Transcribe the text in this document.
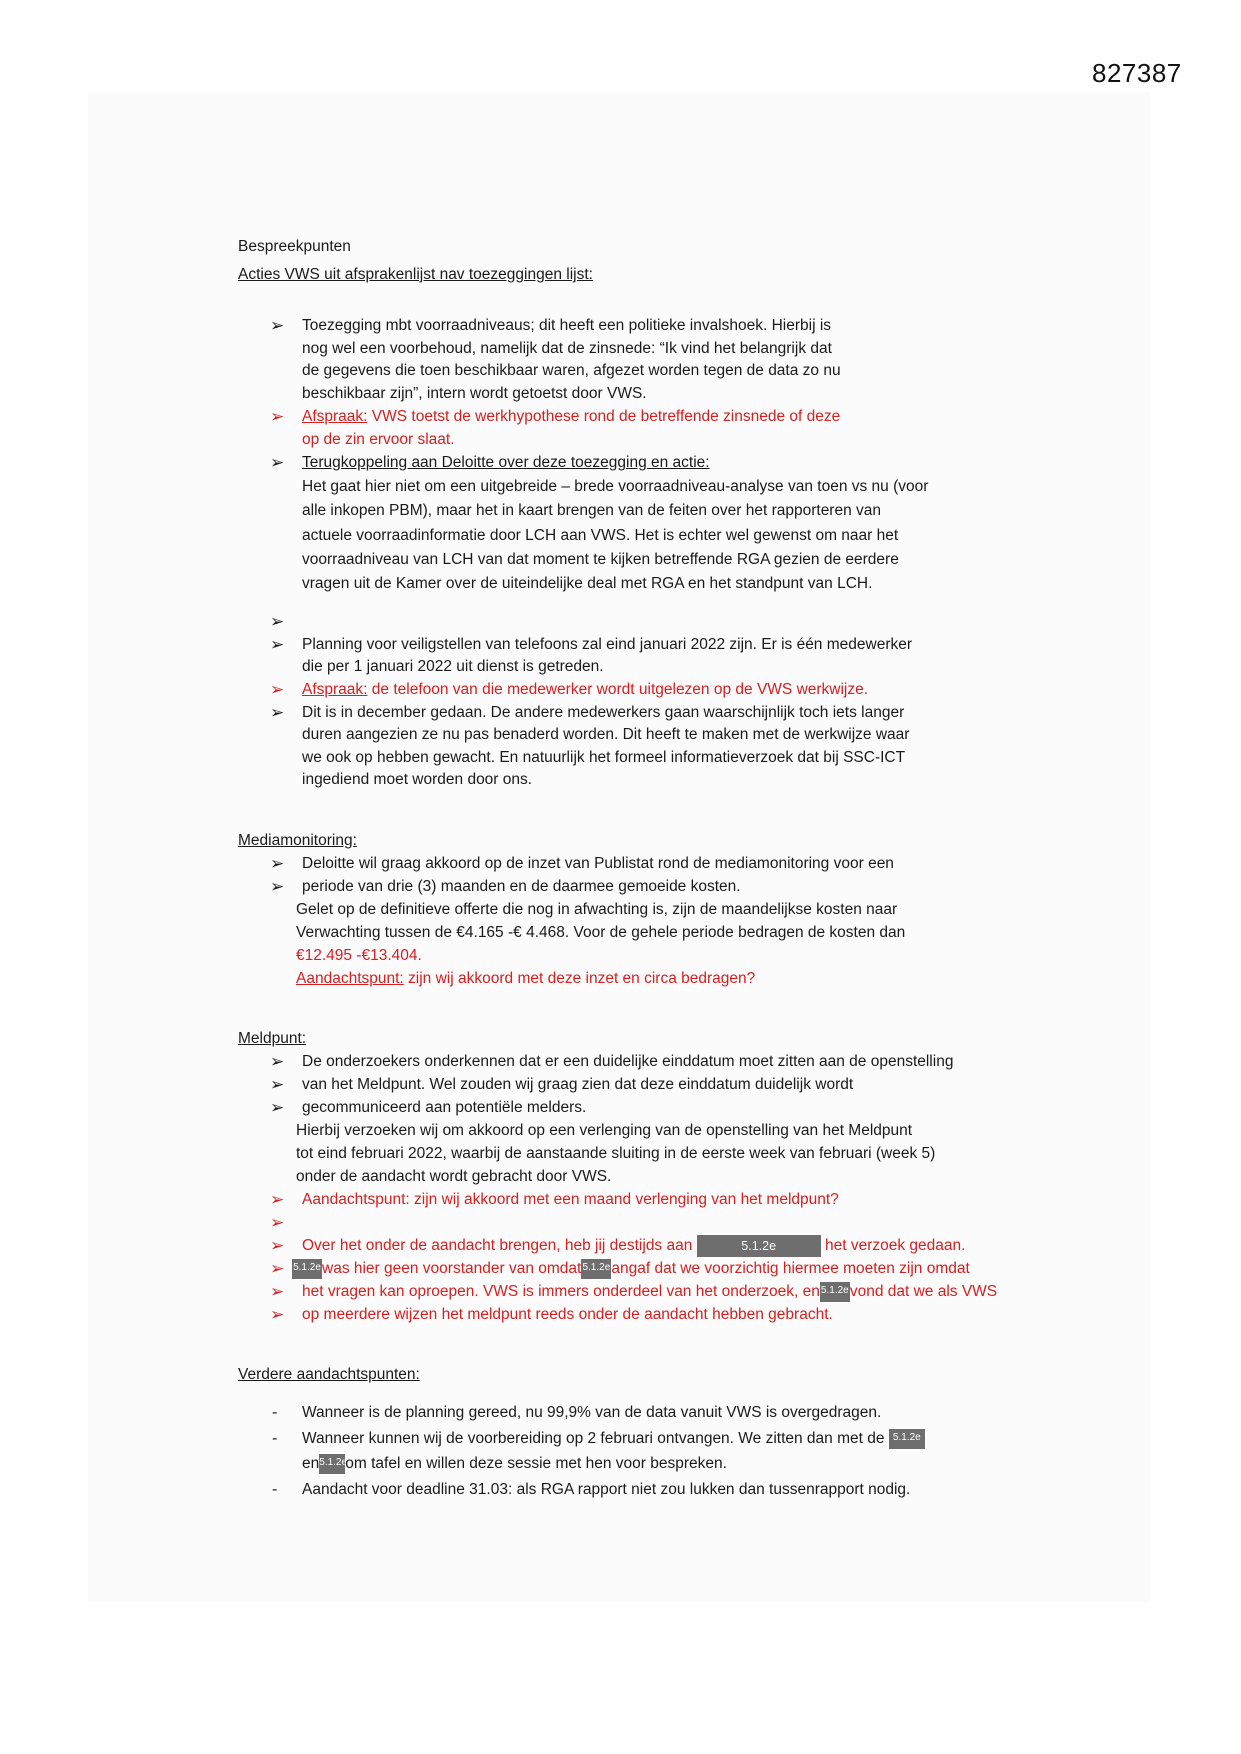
827387
Bespreekpunten
Acties VWS uit afsprakenlijst nav toezeggingen lijst:
➢ Toezegging mbt voorraadniveaus; dit heeft een politieke invalshoek. Hierbij is
nog wel een voorbehoud, namelijk dat de zinsnede: “Ik vind het belangrijk dat
de gegevens die toen beschikbaar waren, afgezet worden tegen de data zo nu
beschikbaar zijn”, intern wordt getoetst door VWS.
➢ Afspraak: VWS toetst de werkhypothese rond de betreffende zinsnede of deze
op de zin ervoor slaat.
➢ Terugkoppeling aan Deloitte over deze toezegging en actie:
Het gaat hier niet om een uitgebreide – brede voorraadniveau-analyse van toen vs nu (voor
alle inkopen PBM), maar het in kaart brengen van de feiten over het rapporteren van
actuele voorraadinformatie door LCH aan VWS. Het is echter wel gewenst om naar het
voorraadniveau van LCH van dat moment te kijken betreffende RGA gezien de eerdere
vragen uit de Kamer over de uiteindelijke deal met RGA en het standpunt van LCH.
➢
➢ Planning voor veiligstellen van telefoons zal eind januari 2022 zijn. Er is één medewerker
die per 1 januari 2022 uit dienst is getreden.
➢ Afspraak: de telefoon van die medewerker wordt uitgelezen op de VWS werkwijze.
➢ Dit is in december gedaan. De andere medewerkers gaan waarschijnlijk toch iets langer
duren aangezien ze nu pas benaderd worden. Dit heeft te maken met de werkwijze waar
we ook op hebben gewacht. En natuurlijk het formeel informatieverzoek dat bij SSC-ICT
ingediend moet worden door ons.
Mediamonitoring:
➢ Deloitte wil graag akkoord op de inzet van Publistat rond de mediamonitoring voor een
➢ periode van drie (3) maanden en de daarmee gemoeide kosten.
Gelet op de definitieve offerte die nog in afwachting is, zijn de maandelijkse kosten naar
Verwachting tussen de €4.165 -€ 4.468. Voor de gehele periode bedragen de kosten dan
€12.495 -€13.404.
Aandachtspunt: zijn wij akkoord met deze inzet en circa bedragen?
Meldpunt:
➢ De onderzoekers onderkennen dat er een duidelijke einddatum moet zitten aan de openstelling
➢ van het Meldpunt. Wel zouden wij graag zien dat deze einddatum duidelijk wordt
➢ gecommuniceerd aan potentiële melders.
Hierbij verzoeken wij om akkoord op een verlenging van de openstelling van het Meldpunt
tot eind februari 2022, waarbij de aanstaande sluiting in de eerste week van februari (week 5)
onder de aandacht wordt gebracht door VWS.
➢ Aandachtspunt: zijn wij akkoord met een maand verlenging van het meldpunt?
➢
➢ Over het onder de aandacht brengen, heb jij destijds aan	5.1.2e	het verzoek gedaan.
➢ 5.1.2ewas hier geen voorstander van omdat5.1.2eangaf dat we voorzichtig hiermee moeten zijn omdat
➢ het vragen kan oproepen. VWS is immers onderdeel van het onderzoek, en5.1.2evond dat we als VWS
➢ op meerdere wijzen het meldpunt reeds onder de aandacht hebben gebracht.
Verdere aandachtspunten:
- Wanneer is de planning gereed, nu 99,9% van de data vanuit VWS is overgedragen.
- Wanneer kunnen wij de voorbereiding op 2 februari ontvangen. We zitten dan met de 5.1.2e
en5.1.2eom tafel en willen deze sessie met hen voor bespreken.
- Aandacht voor deadline 31.03: als RGA rapport niet zou lukken dan tussenrapport nodig.
